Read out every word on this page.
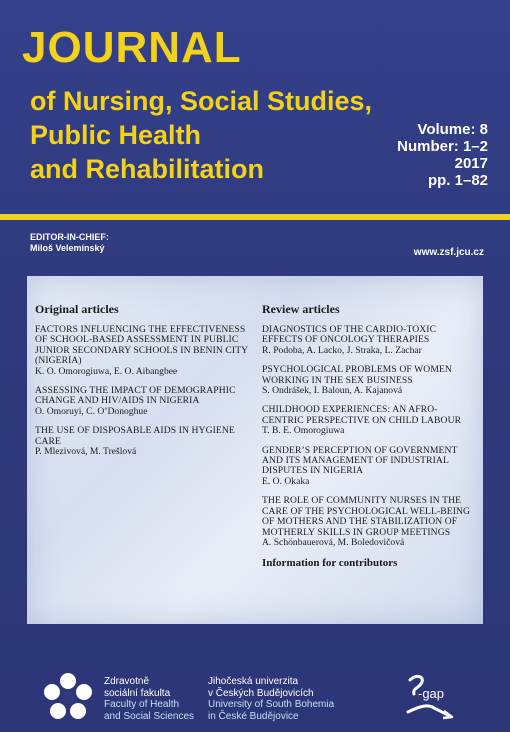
JOURNAL
of Nursing, Social Studies,
Public Health
and Rehabilitation
Volume: 8
Number: 1–2
2017
pp. 1–82
EDITOR-IN-CHIEF:
Miloš Velemínský	www.zsf.jcu.cz
Original articles
FACTORS INFLUENCING THE EFFECTIVENESS OF SCHOOL-BASED ASSESSMENT IN PUBLIC JUNIOR SECONDARY SCHOOLS IN BENIN CITY (NIGERIA)
K. O. Omorogiuwa, E. O. Aibangbee
ASSESSING THE IMPACT OF DEMOGRAPHIC CHANGE AND HIV/AIDS IN NIGERIA
O. Omoruyi, C. O’Donoghue
THE USE OF DISPOSABLE AIDS IN HYGIENE CARE
P. Mlezivová, M. Trešlová
Review articles
DIAGNOSTICS OF THE CARDIO-TOXIC EFFECTS OF ONCOLOGY THERAPIES
R. Podoba, A. Lacko, J. Straka, L. Zachar
PSYCHOLOGICAL PROBLEMS OF WOMEN WORKING IN THE SEX BUSINESS
S. Ondrášek, I. Baloun, A. Kajanová
CHILDHOOD EXPERIENCES: AN AFRO-CENTRIC PERSPECTIVE ON CHILD LABOUR
T. B. E. Omorogiuwa
GENDER’S PERCEPTION OF GOVERNMENT AND ITS MANAGEMENT OF INDUSTRIAL DISPUTES IN NIGERIA
E. O. Okaka
THE ROLE OF COMMUNITY NURSES IN THE CARE OF THE PSYCHOLOGICAL WELL-BEING OF MOTHERS AND THE STABILIZATION OF MOTHERLY SKILLS IN GROUP MEETINGS
A. Schönbauerová, M. Boledovičová
Information for contributors
Zdravotně
sociální fakulta
Faculty of Health
and Social Sciences
Jihočeská univerzita
v Českých Budějovicích
University of South Bohemia
in České Budějovice
-gap
